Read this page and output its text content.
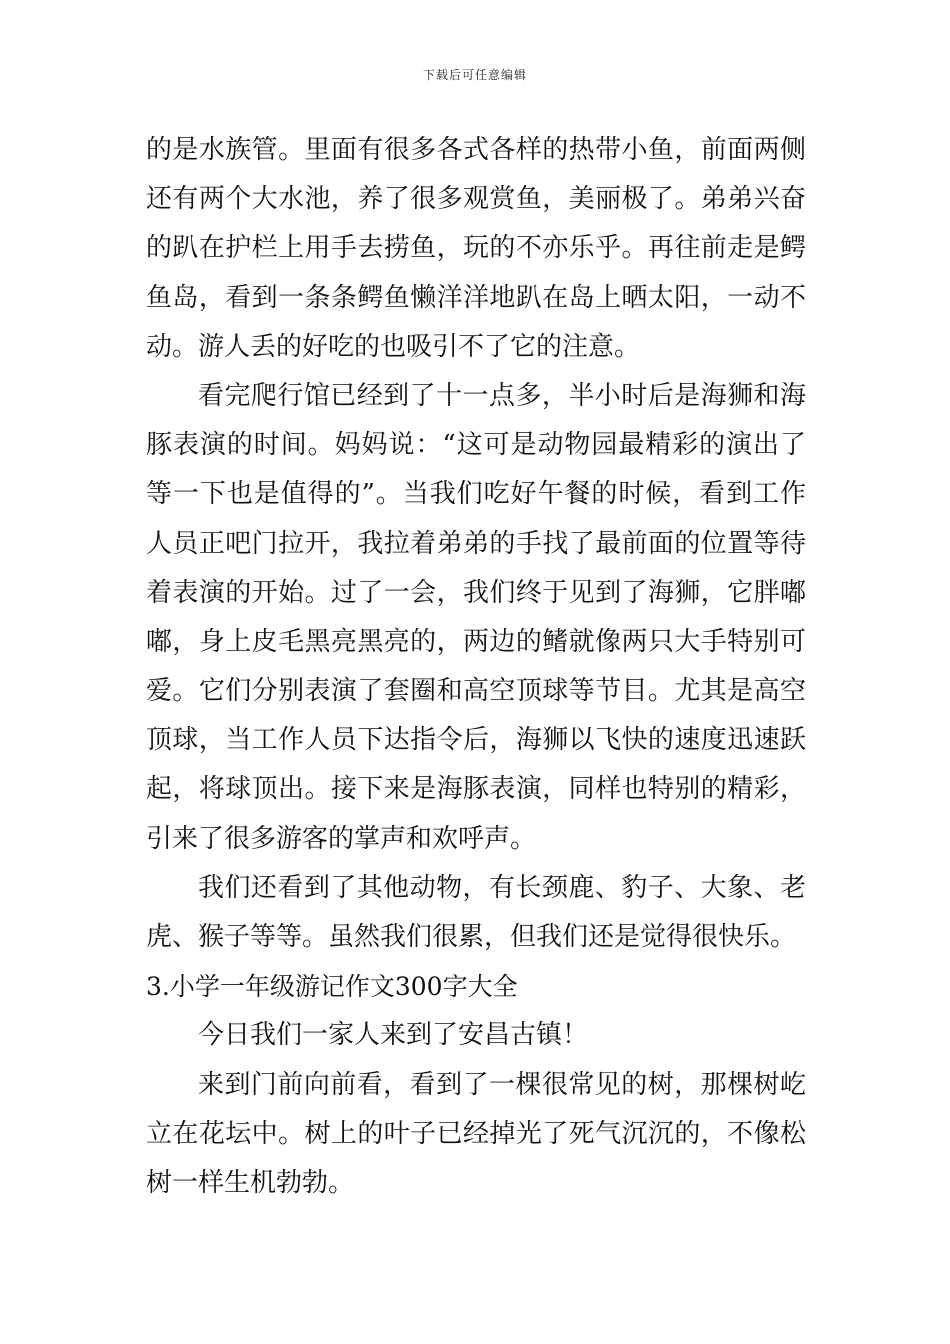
下载后可任意编辑
的是水族管。里面有很多各式各样的热带小鱼，前面两侧
还有两个大水池，养了很多观赏鱼，美丽极了。弟弟兴奋
的趴在护栏上用手去捞鱼，玩的不亦乐乎。再往前走是鳄
鱼岛，看到一条条鳄鱼懒洋洋地趴在岛上晒太阳，一动不
动。游人丢的好吃的也吸引不了它的注意。
看完爬行馆已经到了十一点多，半小时后是海狮和海
豚表演的时间。妈妈说：“这可是动物园最精彩的演出了
等一下也是值得的”。当我们吃好午餐的时候，看到工作
人员正吧门拉开，我拉着弟弟的手找了最前面的位置等待
着表演的开始。过了一会，我们终于见到了海狮，它胖嘟
嘟，身上皮毛黑亮黑亮的，两边的鳍就像两只大手特别可
爱。它们分别表演了套圈和高空顶球等节目。尤其是高空
顶球，当工作人员下达指令后，海狮以飞快的速度迅速跃
起，将球顶出。接下来是海豚表演，同样也特别的精彩，
引来了很多游客的掌声和欢呼声。
我们还看到了其他动物，有长颈鹿、豹子、大象、老
虎、猴子等等。虽然我们很累，但我们还是觉得很快乐。
3.小学一年级游记作文300字大全
今日我们一家人来到了安昌古镇！
来到门前向前看，看到了一棵很常见的树，那棵树屹
立在花坛中。树上的叶子已经掉光了死气沉沉的，不像松
树一样生机勃勃。
